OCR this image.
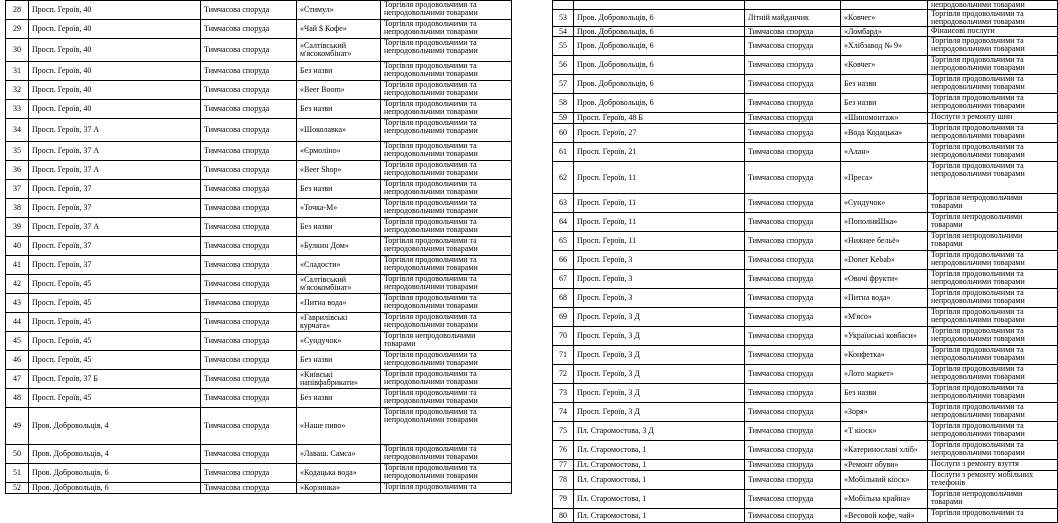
28	Просп. Героїв, 40	Тимчасова споруда	«Стимул»	Торгівля продовольчими та непродовольчими товарами
29	Просп. Героїв, 40	Тимчасова споруда	«Чай $ Кофе»	Торгівля продовольчими та непродовольчими товарами
30	Просп. Героїв, 40	Тимчасова споруда	«Салтівський м'ясокомбінат»	Торгівля продовольчими та непродовольчими товарами
31	Просп. Героїв, 40	Тимчасова споруда	Без назви	Торгівля продовольчими та непродовольчими товарами
32	Просп. Героїв, 40	Тимчасова споруда	«Beer Boom»	Торгівля продовольчими та непродовольчими товарами
33	Просп. Героїв, 40	Тимчасова споруда	Без назви	Торгівля продовольчими та непродовольчими товарами
34	Просп. Героїв, 37 А	Тимчасова споруда	«Шоколавка»	Торгівля продовольчими та непродовольчими товарами
35	Просп. Героїв, 37 А	Тимчасова споруда	«Єрмоліно»	Торгівля продовольчими та непродовольчими товарами
36	Просп. Героїв, 37 А	Тимчасова споруда	«Beer Shop»	Торгівля продовольчими та непродовольчими товарами
37	Просп. Героїв, 37	Тимчасова споруда	Без назви	Торгівля продовольчими та непродовольчими товарами
38	Просп. Героїв, 37	Тимчасова споруда	«Точка-М»	Торгівля продовольчими та непродовольчими товарами
39	Просп. Героїв, 37 А	Тимчасова споруда	Без назви	Торгівля продовольчими та непродовольчими товарами
40	Просп. Героїв, 37	Тимчасова споруда	«Булкин Дом»	Торгівля продовольчими та непродовольчими товарами
41	Просп. Героїв, 37	Тимчасова споруда	«Сладости»	Торгівля продовольчими та непродовольчими товарами
42	Просп. Героїв, 45	Тимчасова споруда	«Салтівський м'ясокомбінат»	Торгівля продовольчими та непродовольчими товарами
43	Просп. Героїв, 45	Тимчасова споруда	«Питна вода»	Торгівля продовольчими та непродовольчими товарами
44	Просп. Героїв, 45	Тимчасова споруда	«Гаврилівські курчата»	Торгівля продовольчими та непродовольчими товарами
45	Просп. Героїв, 45	Тимчасова споруда	«Сундучок»	Торгівля непродовольчими товарами
46	Просп. Героїв, 45	Тимчасова споруда	Без назви	Торгівля продовольчими та непродовольчими товарами
47	Просп. Героїв, 37 Б	Тимчасова споруда	«Київські напівфабрикати»	Торгівля продовольчими та непродовольчими товарами
48	Просп. Героїв, 45	Тимчасова споруда	Без назви	Торгівля продовольчими та непродовольчими товарами
49	Пров. Добровольців, 4	Тимчасова споруда	«Наше пиво»	Торгівля продовольчими та непродовольчими товарами
50	Пров. Добровольців, 4	Тимчасова споруда	«Лаваш. Самса»	Торгівля продовольчими та непродовольчими товарами
51	Пров. Добровольців, 6	Тимчасова споруда	«Кодацька вода»	Торгівля продовольчими та непродовольчими товарами
52	Пров. Добровольців, 6	Тимчасова споруда	«Корзинка»	Торгівля продовольчими та
				непродовольчими товарами
53	Пров. Добровольців, 6	Літній майданчик	«Ковчег»	Торгівля продовольчими та непродовольчими товарами
54	Пров. Добровольців, 6	Тимчасова споруда	«Ломбард»	Фінансові послуги
55	Пров. Добровольців, 6	Тимчасова споруда	«Хлібзавод № 9»	Торгівля продовольчими та непродовольчими товарами
56	Пров. Добровольців, 6	Тимчасова споруда	«Ковчег»	Торгівля продовольчими та непродовольчими товарами
57	Пров. Добровольців, 6	Тимчасова споруда	Без назви	Торгівля продовольчими та непродовольчими товарами
58	Пров. Добровольців, 6	Тимчасова споруда	Без назви	Торгівля продовольчими та непродовольчими товарами
59	Просп. Героїв, 48 Б	Тимчасова споруда	«Шиномонтаж»	Послуги з ремонту шин
60	Просп. Героїв, 27	Тимчасова споруда	«Вода Кодацька»	Торгівля продовольчими та непродовольчими товарами
61	Просп. Героїв, 21	Тимчасова споруда	«Алан»	Торгівля продовольчими та непродовольчими товарами
62	Просп. Героїв, 11	Тимчасова споруда	«Преса»	Торгівля продовольчими та непродовольчими товарами
63	Просп. Героїв, 11	Тимчасова споруда	«Сундучок»	Торгівля непродовольчими товарами
64	Просп. Героїв, 11	Тимчасова споруда	«ПополняШка»	Торгівля непродовольчими товарами
65	Просп. Героїв, 11	Тимчасова споруда	«Нижнее бельё»	Торгівля непродовольчими товарами
66	Просп. Героїв, 3	Тимчасова споруда	«Doner Kebab»	Торгівля продовольчими та непродовольчими товарами
67	Просп. Героїв, 3	Тимчасова споруда	«Овочі фрукти»	Торгівля продовольчими та непродовольчими товарами
68	Просп. Героїв, 3	Тимчасова споруда	«Питна вода»	Торгівля продовольчими та непродовольчими товарами
69	Просп. Героїв, 3 Д	Тимчасова споруда	«М'ясо»	Торгівля продовольчими та непродовольчими товарами
70	Просп. Героїв, 3 Д	Тимчасова споруда	«Українські ковбаси»	Торгівля продовольчими та непродовольчими товарами
71	Просп. Героїв, 3 Д	Тимчасова споруда	«Конфетка»	Торгівля продовольчими та непродовольчими товарами
72	Просп. Героїв, 3 Д	Тимчасова споруда	«Лото маркет»	Торгівля продовольчими та непродовольчими товарами
73	Просп. Героїв, 3 Д	Тимчасова споруда	Без назви	Торгівля продовольчими та непродовольчими товарами
74	Просп. Героїв, 3 Д	Тимчасова споруда	«Зоря»	Торгівля продовольчими та непродовольчими товарами
75	Пл. Старомостова, 3 Д	Тимчасова споруда	«Т кіоск»	Торгівля продовольчими та непродовольчими товарами
76	Пл. Старомостова, 1	Тимчасова споруда	«Катеринославі хліб»	Торгівля продовольчими та непродовольчими товарами
77	Пл. Старомостова, 1	Тимчасова споруда	«Ремонт обуви»	Послуги з ремонту взуття
78	Пл. Старомостова, 1	Тимчасова споруда	«Мобільний кіоск»	Послуги з ремонту мобільних телефонів
79	Пл. Старомостова, 1	Тимчасова споруда	«Мобільна крайна»	Торгівля непродовольчими товарами
80	Пл. Старомостова, 1	Тимчасова споруда	«Весовой кофе, чай»	Торгівля продовольчими та
